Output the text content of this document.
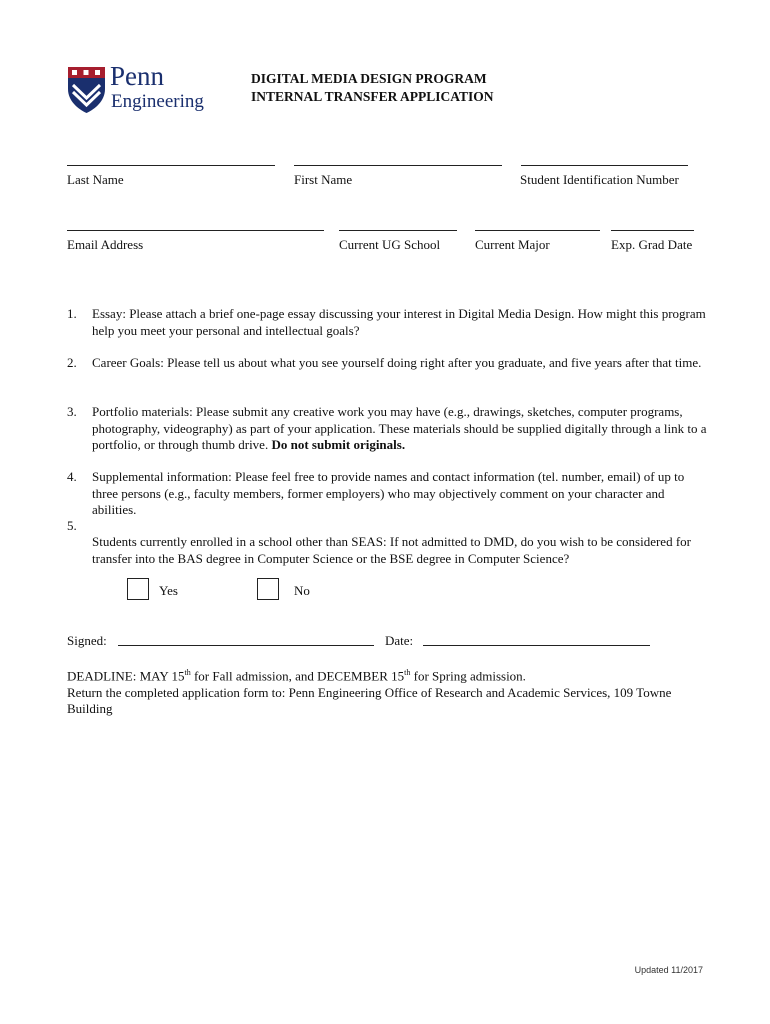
Penn
Engineering
DIGITAL MEDIA DESIGN PROGRAM
INTERNAL TRANSFER APPLICATION
Last Name	First Name	Student Identification Number
Email Address	Current UG School	Current Major	Exp. Grad Date
1. Essay: Please attach a brief one-page essay discussing your interest in Digital Media Design. How might this program help you meet your personal and intellectual goals?
2. Career Goals: Please tell us about what you see yourself doing right after you graduate, and five years after that time.
3. Portfolio materials: Please submit any creative work you may have (e.g., drawings, sketches, computer programs, photography, videography) as part of your application. These materials should be supplied digitally through a link to a portfolio, or through thumb drive. Do not submit originals.
4. Supplemental information: Please feel free to provide names and contact information (tel. number, email) of up to three persons (e.g., faculty members, former employers) who may objectively comment on your character and abilities.
5.
Students currently enrolled in a school other than SEAS: If not admitted to DMD, do you wish to be considered for transfer into the BAS degree in Computer Science or the BSE degree in Computer Science?
Yes	No
Signed:	Date:
DEADLINE: MAY 15th for Fall admission, and DECEMBER 15th for Spring admission.
Return the completed application form to: Penn Engineering Office of Research and Academic Services, 109 Towne Building
Updated 11/2017
